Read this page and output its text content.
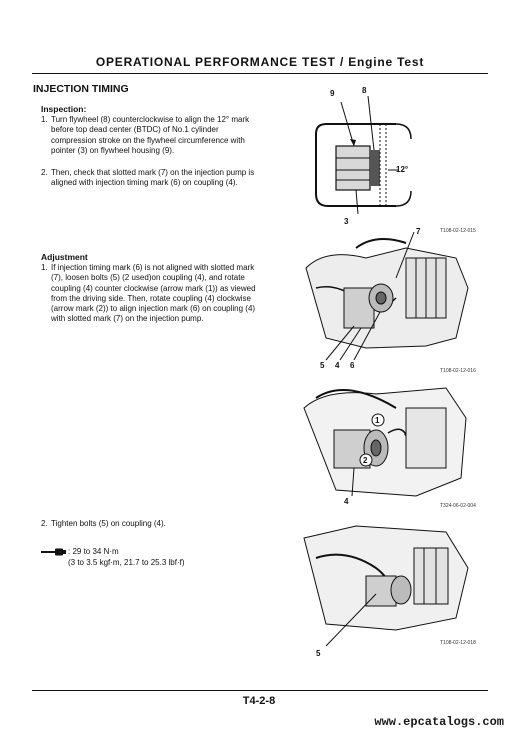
OPERATIONAL PERFORMANCE TEST / Engine Test
INJECTION TIMING
Inspection:
1. Turn flywheel (8) counterclockwise to align the 12° mark before top dead center (BTDC) of No.1 cylinder compression stroke on the flywheel circumference with pointer (3) on flywheel housing (9).
2. Then, check that slotted mark (7) on the injection pump is aligned with injection timing mark (6) on coupling (4).
Adjustment
1. If injection timing mark (6) is not aligned with slotted mark (7), loosen bolts (5) (2 used)on coupling (4), and rotate coupling (4) counter clockwise (arrow mark (1)) as viewed from the driving side. Then, rotate coupling (4) clockwise (arrow mark (2)) to align injection mark (6) on coupling (4) with slotted mark (7) on the injection pump.
2. Tighten bolts (5) on coupling (4).
: 29 to 34 N·m
(3 to 3.5 kgf·m, 21.7 to 25.3 lbf·f)
9	8
12°
3
T108-02-12-015
7
5 4 6
T108-02-12-016
1
2
4	T324-06-02-004
5
T108-02-12-018
T4-2-8
www.epcatalogs.com
